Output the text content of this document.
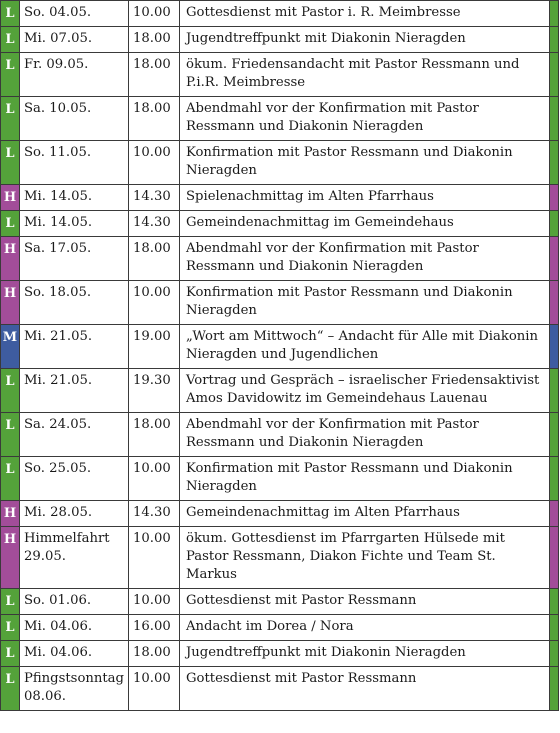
L	So. 04.05.	10.00	Gottesdienst mit Pastor i. R. Meimbresse	

L	Mi. 07.05.	18.00	Jugendtreffpunkt mit Diakonin Nieragden	

L	Fr. 09.05.	18.00	ökum. Friedensandacht mit Pastor Ressmann und P.i.R. Meimbresse	

L	Sa. 10.05.	18.00	Abendmahl vor der Konfirmation mit Pastor Ressmann und Diakonin Nieragden	

L	So. 11.05.	10.00	Konfirmation mit Pastor Ressmann und Diakonin Nieragden	

H	Mi. 14.05.	14.30	Spielenachmittag im Alten Pfarrhaus	

L	Mi. 14.05.	14.30	Gemeindenachmittag im Gemeindehaus	

H	Sa. 17.05.	18.00	Abendmahl vor der Konfirmation mit Pastor Ressmann und Diakonin Nieragden	

H	So. 18.05.	10.00	Konfirmation mit Pastor Ressmann und Diakonin Nieragden	

M	Mi. 21.05.	19.00	„Wort am Mittwoch“ – Andacht für Alle mit Diakonin Nieragden und Jugendlichen	

L	Mi. 21.05.	19.30	Vortrag und Gespräch – israelischer Friedensaktivist Amos Davidowitz im Gemeindehaus Lauenau	

L	Sa. 24.05.	18.00	Abendmahl vor der Konfirmation mit Pastor Ressmann und Diakonin Nieragden	

L	So. 25.05.	10.00	Konfirmation mit Pastor Ressmann und Diakonin Nieragden	

H	Mi. 28.05.	14.30	Gemeindenachmittag im Alten Pfarrhaus	

H	Himmelfahrt 29.05.	10.00	ökum. Gottesdienst im Pfarrgarten Hülsede mit Pastor Ressmann, Diakon Fichte und Team St. Markus	

L	So. 01.06.	10.00	Gottesdienst mit Pastor Ressmann	

L	Mi. 04.06.	16.00	Andacht im Dorea / Nora	

L	Mi. 04.06.	18.00	Jugendtreffpunkt mit Diakonin Nieragden	

L	Pfingstsonntag 08.06.	10.00	Gottesdienst mit Pastor Ressmann	
